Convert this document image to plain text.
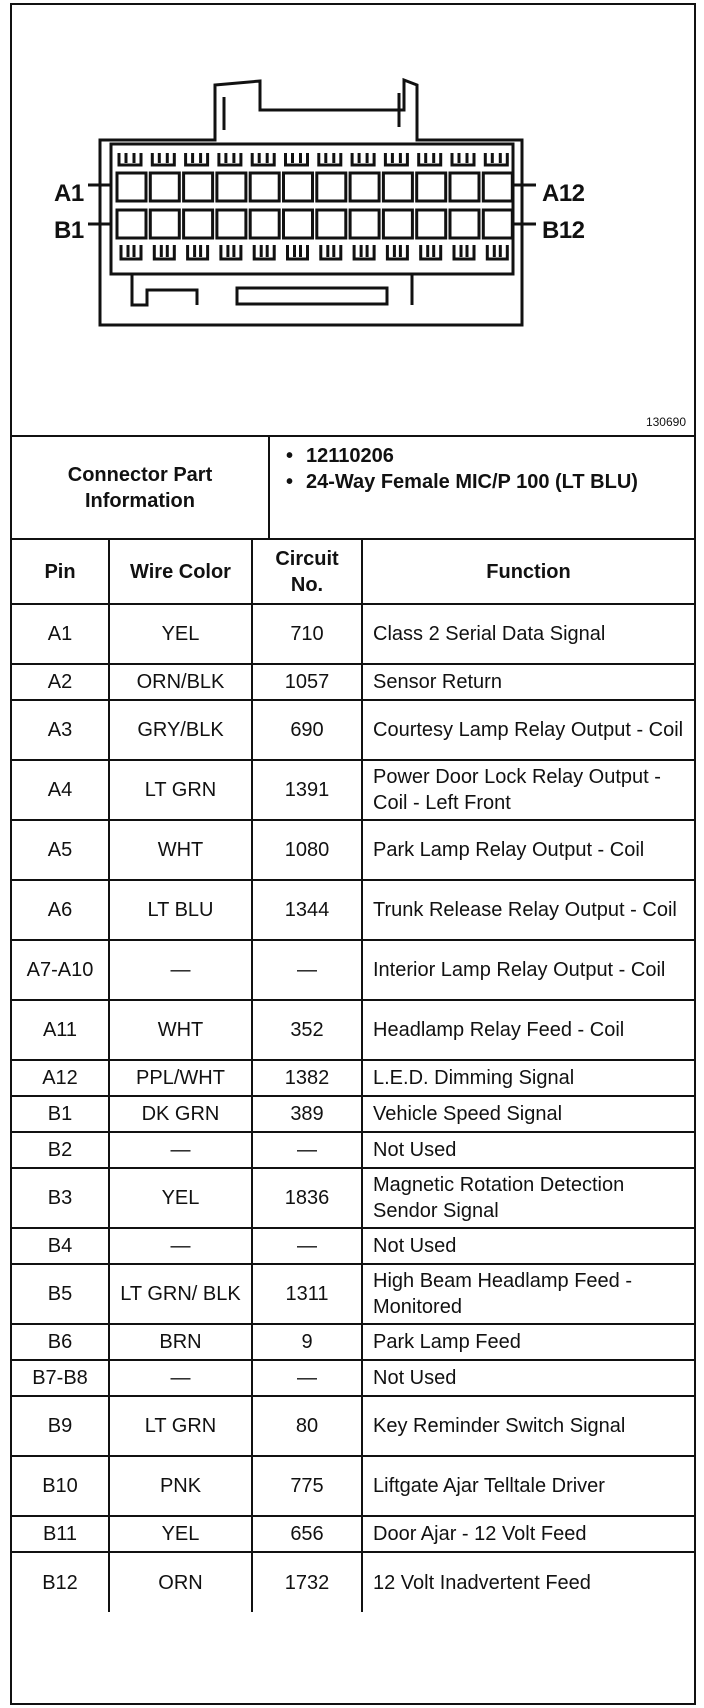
A1
B1
A12
B12
130690
Connector Part Information
• 12110206
• 24-Way Female MIC/P 100 (LT BLU)
Pin	Wire Color	Circuit No.	Function
A1	YEL	710	Class 2 Serial Data Signal
A2	ORN/BLK	1057	Sensor Return
A3	GRY/BLK	690	Courtesy Lamp Relay Output - Coil
A4	LT GRN	1391	Power Door Lock Relay Output - Coil - Left Front
A5	WHT	1080	Park Lamp Relay Output - Coil
A6	LT BLU	1344	Trunk Release Relay Output - Coil
A7-A10	—	—	Interior Lamp Relay Output - Coil
A11	WHT	352	Headlamp Relay Feed - Coil
A12	PPL/WHT	1382	L.E.D. Dimming Signal
B1	DK GRN	389	Vehicle Speed Signal
B2	—	—	Not Used
B3	YEL	1836	Magnetic Rotation Detection Sendor Signal
B4	—	—	Not Used
B5	LT GRN/ BLK	1311	High Beam Headlamp Feed - Monitored
B6	BRN	9	Park Lamp Feed
B7-B8	—	—	Not Used
B9	LT GRN	80	Key Reminder Switch Signal
B10	PNK	775	Liftgate Ajar Telltale Driver
B11	YEL	656	Door Ajar - 12 Volt Feed
B12	ORN	1732	12 Volt Inadvertent Feed
